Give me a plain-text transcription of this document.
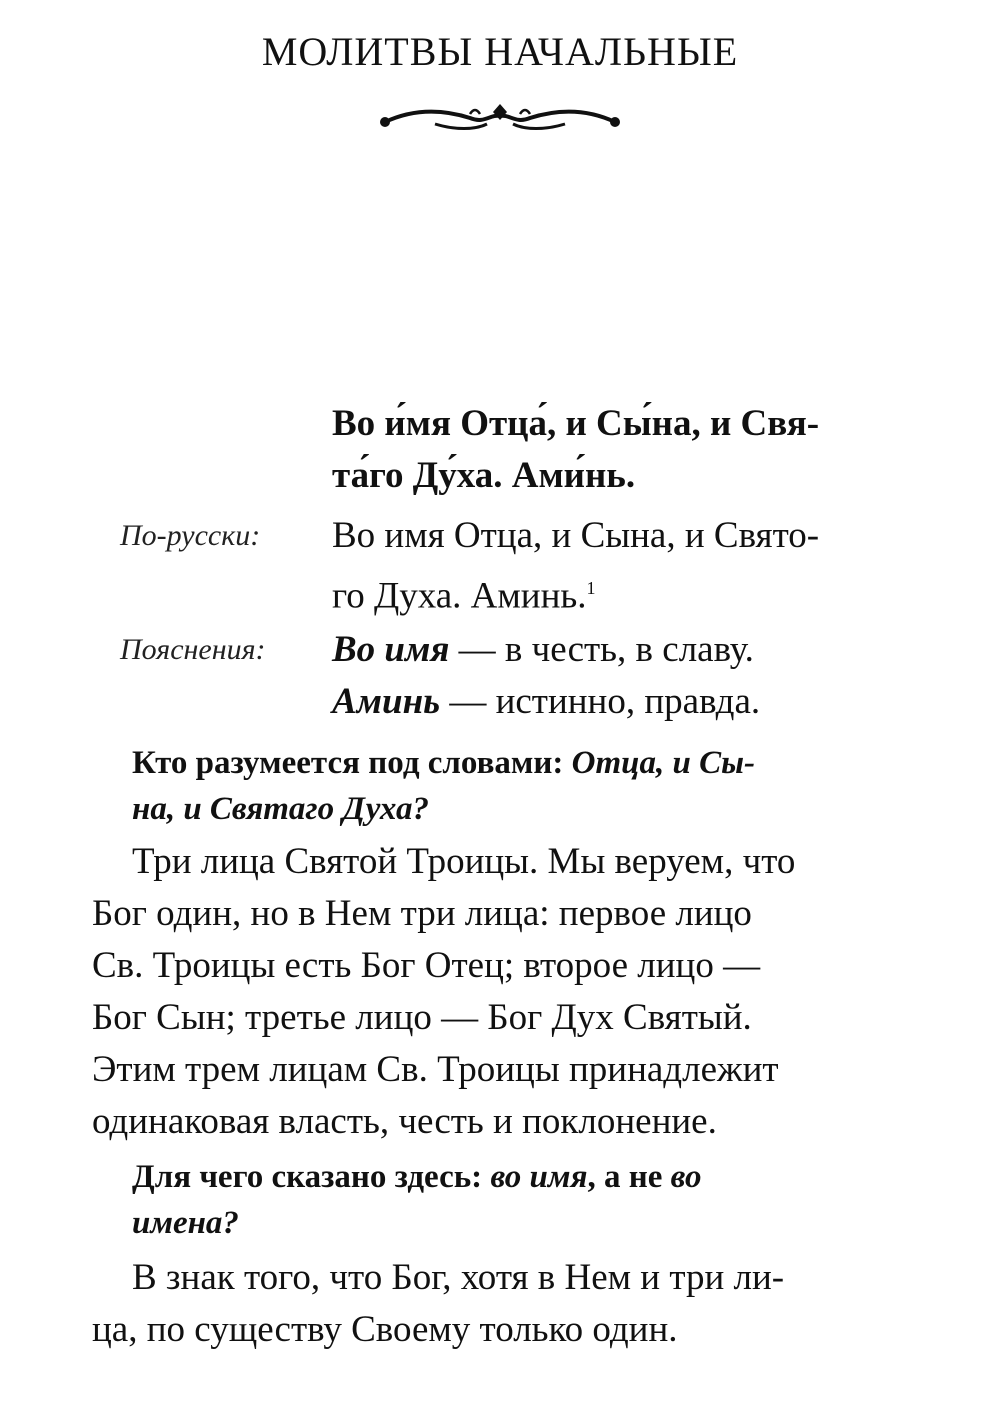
МОЛИТВЫ НАЧАЛЬНЫЕ
Во и́мя Отца́, и Сы́на, и Свя-
та́го Ду́ха. Ами́нь.
По-русски:	Во имя Отца, и Сына, и Свято-
го Духа. Аминь.$^1$
Пояснения:	Во имя — в честь, в славу.
Аминь — истинно, правда.
Кто разумеется под словами: Отца, и Сы-
на, и Святаго Духа?
Три лица Святой Троицы. Мы веруем, что
Бог один, но в Нем три лица: первое лицо
Св. Троицы есть Бог Отец; второе лицо —
Бог Сын; третье лицо — Бог Дух Святый.
Этим трем лицам Св. Троицы принадлежит
одинаковая власть, честь и поклонение.
Для чего сказано здесь: во имя, а не во
имена?
В знак того, что Бог, хотя в Нем и три ли-
ца, по существу Своему только один.
